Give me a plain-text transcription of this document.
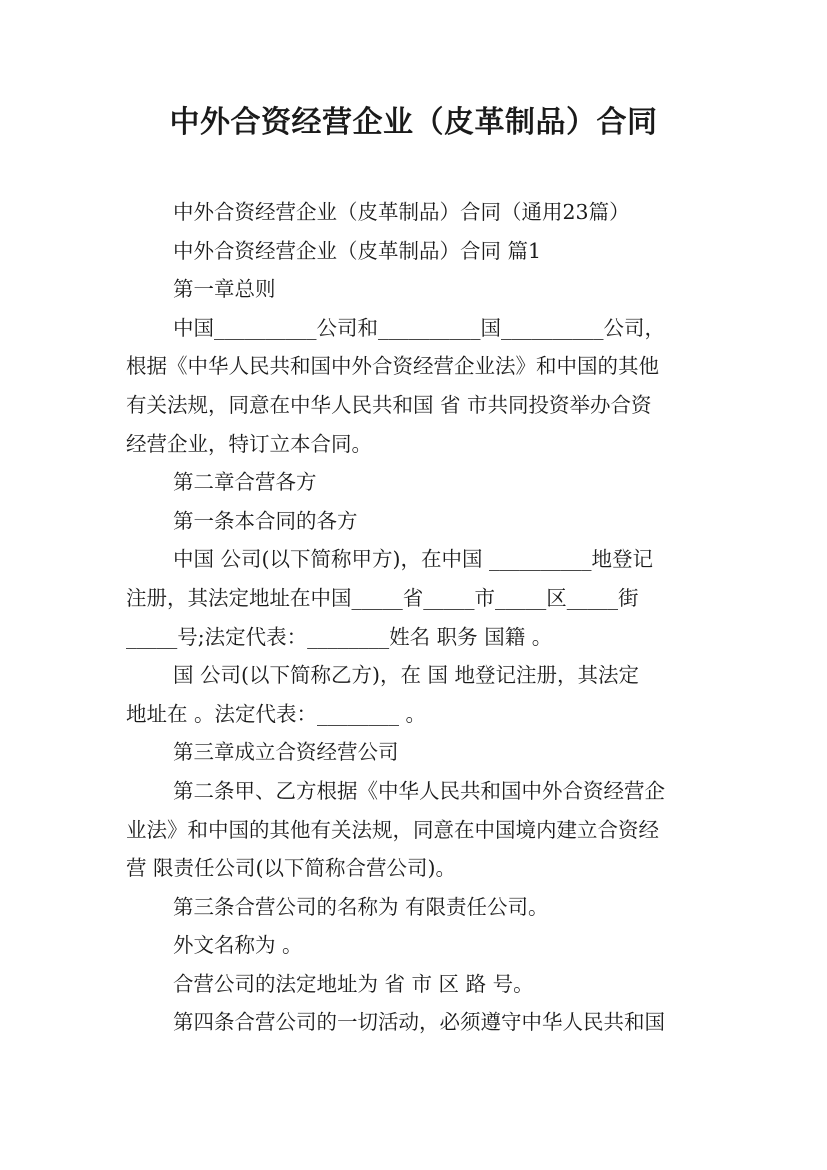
中外合资经营企业（皮革制品）合同
中外合资经营企业（皮革制品）合同（通用23篇）
中外合资经营企业（皮革制品）合同 篇1
第一章总则
中国__________公司和__________国__________公司，
根据《中华人民共和国中外合资经营企业法》和中国的其他
有关法规，同意在中华人民共和国 省 市共同投资举办合资
经营企业，特订立本合同。
第二章合营各方
第一条本合同的各方
中国 公司(以下简称甲方)，在中国 __________地登记
注册，其法定地址在中国_____省_____市_____区_____街
_____号;法定代表：________姓名 职务 国籍 。
国 公司(以下简称乙方)，在 国 地登记注册，其法定
地址在 。法定代表：________ 。
第三章成立合资经营公司
第二条甲、乙方根据《中华人民共和国中外合资经营企
业法》和中国的其他有关法规，同意在中国境内建立合资经
营 限责任公司(以下简称合营公司)。
第三条合营公司的名称为 有限责任公司。
外文名称为 。
合营公司的法定地址为 省 市 区 路 号。
第四条合营公司的一切活动，必须遵守中华人民共和国
